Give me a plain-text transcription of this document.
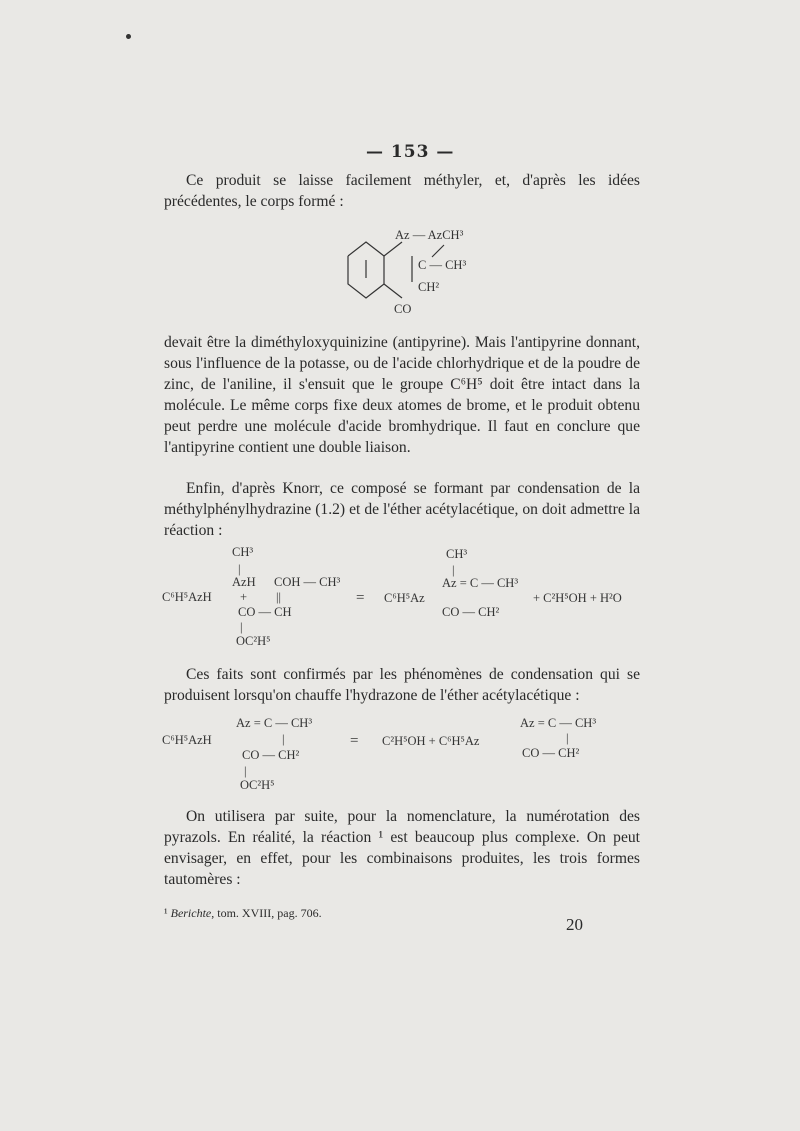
— 153 —

Ce produit se laisse facilement méthyler, et, d'après les idées précédentes, le corps formé :

Az — AzCH³
C — CH³
CH²
CO

devait être la diméthyloxyquinizine (antipyrine). Mais l'antipyrine donnant, sous l'influence de la potasse, ou de l'acide chlorhydrique et de la poudre de zinc, de l'aniline, il s'ensuit que le groupe C⁶H⁵ doit être intact dans la molécule. Le même corps fixe deux atomes de brome, et le produit obtenu peut perdre une molécule d'acide bromhydrique. Il faut en conclure que l'antipyrine contient une double liaison.

Enfin, d'après Knorr, ce composé se formant par condensation de la méthylphénylhydrazine (1.2) et de l'éther acétylacétique, on doit admettre la réaction :

CH³
|
C⁶H⁵AzH
AzH
+
COH — CH³
||
CO — CH
|
OC²H⁵
=
CH³
|
C⁶H⁵Az
Az = C — CH³
CO — CH²
+ C²H⁵OH + H²O

Ces faits sont confirmés par les phénomènes de condensation qui se produisent lorsqu'on chauffe l'hydrazone de l'éther acétylacétique :

C⁶H⁵AzH
Az = C — CH³
|
CO — CH²
|
OC²H⁵
= C²H⁵OH + C⁶H⁵Az
Az = C — CH³
|
CO — CH²

On utilisera par suite, pour la nomenclature, la numérotation des pyrazols. En réalité, la réaction ¹ est beaucoup plus complexe. On peut envisager, en effet, pour les combinaisons produites, les trois formes tautomères :

¹ Berichte, tom. XVIII, pag. 706.
20
